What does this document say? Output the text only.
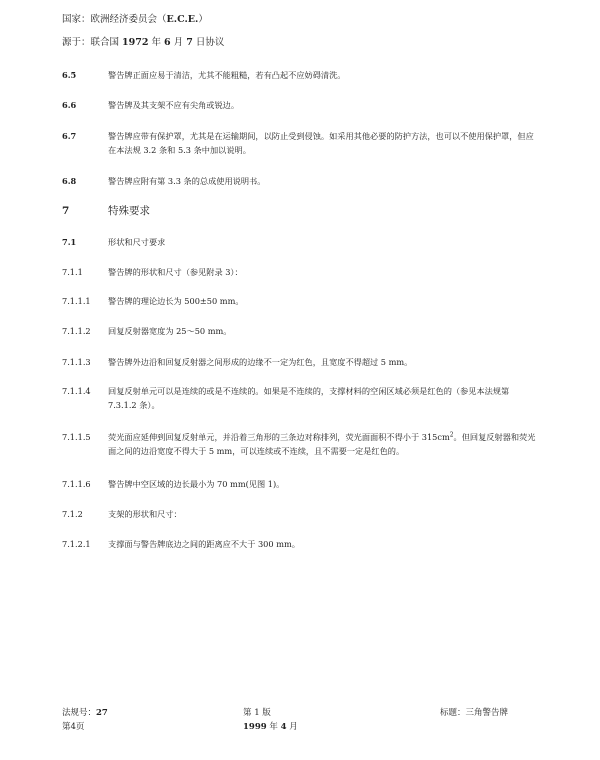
国家：欧洲经济委员会（E.C.E.）
源于：联合国 1972 年 6 月 7 日协议
6.5	警告牌正面应易于清洁，尤其不能粗糙，若有凸起不应妨碍清洗。
6.6	警告牌及其支架不应有尖角或锐边。
6.7	警告牌应带有保护罩，尤其是在运输期间，以防止受到侵蚀。如采用其他必要的防护方法，也可以不使用保护罩，但应在本法规 3.2 条和 5.3 条中加以说明。
6.8	警告牌应附有第 3.3 条的总成使用说明书。
7	特殊要求
7.1	形状和尺寸要求
7.1.1	警告牌的形状和尺寸（参见附录 3）：
7.1.1.1	警告牌的理论边长为 500±50 mm。
7.1.1.2	回复反射器宽度为 25～50 mm。
7.1.1.3	警告牌外边沿和回复反射器之间形成的边缘不一定为红色，且宽度不得超过 5 mm。
7.1.1.4	回复反射单元可以是连续的或是不连续的。如果是不连续的，支撑材料的空闲区域必须是红色的（参见本法规第 7.3.1.2 条）。
7.1.1.5	荧光面应延伸到回复反射单元，并沿着三角形的三条边对称排列，荧光面面积不得小于 $315cm^2$。但回复反射器和荧光面之间的边沿宽度不得大于 5 mm，可以连续或不连续，且不需要一定是红色的。
7.1.1.6	警告牌中空区域的边长最小为 70 mm(见图 1)。
7.1.2	支架的形状和尺寸：
7.1.2.1	支撑面与警告牌底边之间的距离应不大于 300 mm。
法规号：27
第4页
第 1 版
1999 年 4 月
标题：三角警告牌
